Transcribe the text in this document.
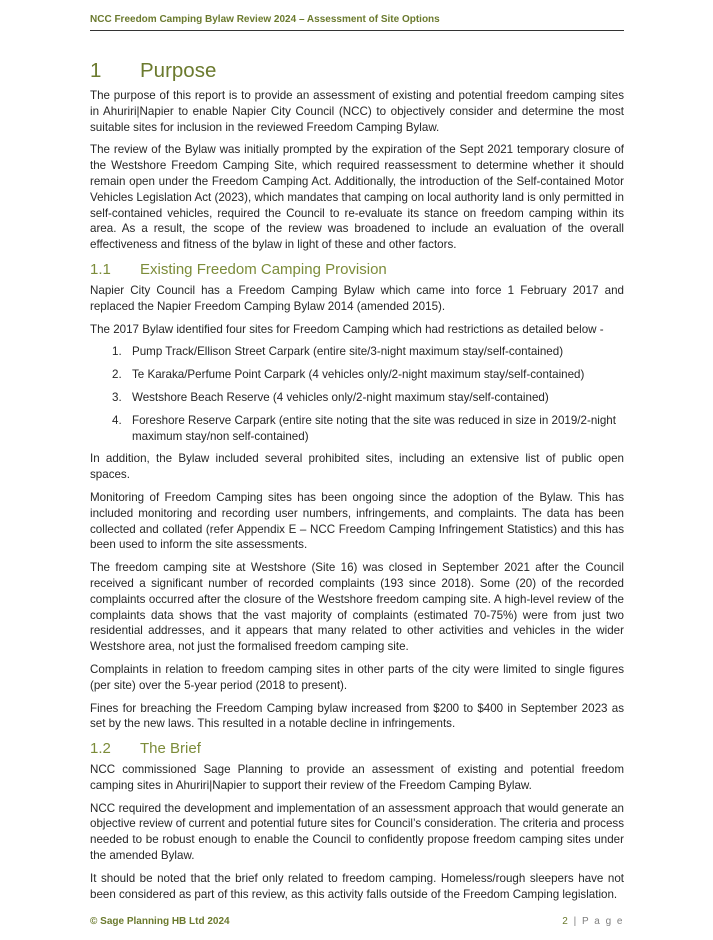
NCC Freedom Camping Bylaw Review 2024 – Assessment of Site Options
1	Purpose

The purpose of this report is to provide an assessment of existing and potential freedom camping sites in Ahuriri|Napier to enable Napier City Council (NCC) to objectively consider and determine the most suitable sites for inclusion in the reviewed Freedom Camping Bylaw.

The review of the Bylaw was initially prompted by the expiration of the Sept 2021 temporary closure of the Westshore Freedom Camping Site, which required reassessment to determine whether it should remain open under the Freedom Camping Act. Additionally, the introduction of the Self-contained Motor Vehicles Legislation Act (2023), which mandates that camping on local authority land is only permitted in self-contained vehicles, required the Council to re-evaluate its stance on freedom camping within its area. As a result, the scope of the review was broadened to include an evaluation of the overall effectiveness and fitness of the bylaw in light of these and other factors.

1.1	Existing Freedom Camping Provision

Napier City Council has a Freedom Camping Bylaw which came into force 1 February 2017 and replaced the Napier Freedom Camping Bylaw 2014 (amended 2015).

The 2017 Bylaw identified four sites for Freedom Camping which had restrictions as detailed below -

1. Pump Track/Ellison Street Carpark (entire site/3-night maximum stay/self-contained)
2. Te Karaka/Perfume Point Carpark (4 vehicles only/2-night maximum stay/self-contained)
3. Westshore Beach Reserve (4 vehicles only/2-night maximum stay/self-contained)
4. Foreshore Reserve Carpark (entire site noting that the site was reduced in size in 2019/2-night maximum stay/non self-contained)

In addition, the Bylaw included several prohibited sites, including an extensive list of public open spaces.

Monitoring of Freedom Camping sites has been ongoing since the adoption of the Bylaw. This has included monitoring and recording user numbers, infringements, and complaints. The data has been collected and collated (refer Appendix E – NCC Freedom Camping Infringement Statistics) and this has been used to inform the site assessments.

The freedom camping site at Westshore (Site 16) was closed in September 2021 after the Council received a significant number of recorded complaints (193 since 2018). Some (20) of the recorded complaints occurred after the closure of the Westshore freedom camping site. A high-level review of the complaints data shows that the vast majority of complaints (estimated 70-75%) were from just two residential addresses, and it appears that many related to other activities and vehicles in the wider Westshore area, not just the formalised freedom camping site.

Complaints in relation to freedom camping sites in other parts of the city were limited to single figures (per site) over the 5-year period (2018 to present).

Fines for breaching the Freedom Camping bylaw increased from $200 to $400 in September 2023 as set by the new laws. This resulted in a notable decline in infringements.

1.2	The Brief

NCC commissioned Sage Planning to provide an assessment of existing and potential freedom camping sites in Ahuriri|Napier to support their review of the Freedom Camping Bylaw.

NCC required the development and implementation of an assessment approach that would generate an objective review of current and potential future sites for Council’s consideration. The criteria and process needed to be robust enough to enable the Council to confidently propose freedom camping sites under the amended Bylaw.

It should be noted that the brief only related to freedom camping. Homeless/rough sleepers have not been considered as part of this review, as this activity falls outside of the Freedom Camping legislation.

© Sage Planning HB Ltd 2024	2 | P a g e
